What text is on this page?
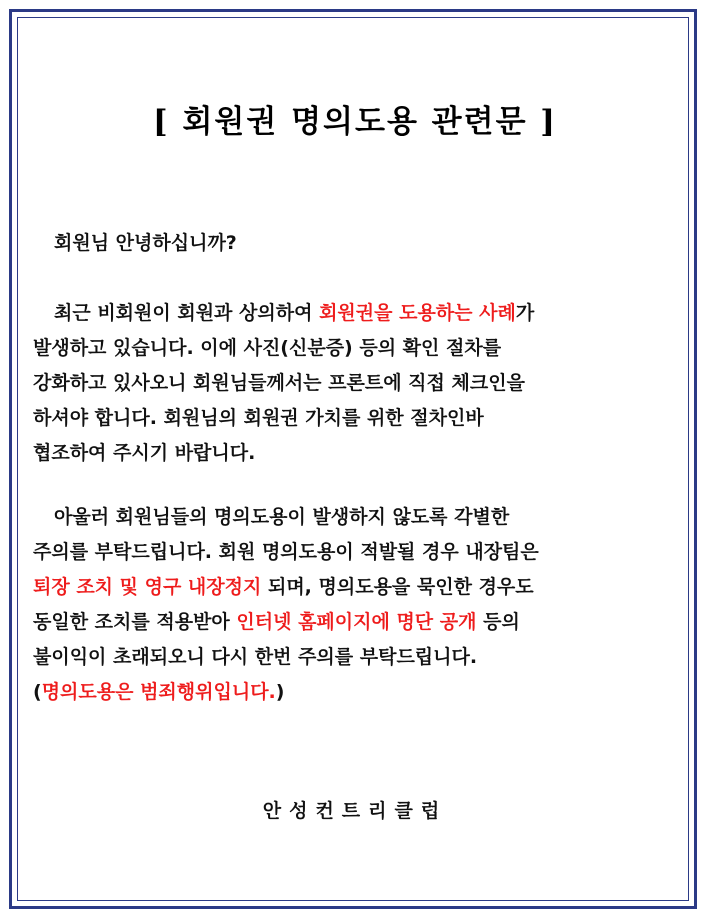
[ 회원권 명의도용 관련문 ]
회원님 안녕하십니까?
최근 비회원이 회원과 상의하여 회원권을 도용하는 사례가
발생하고 있습니다. 이에 사진(신분증) 등의 확인 절차를
강화하고 있사오니 회원님들께서는 프론트에 직접 체크인을
하셔야 합니다. 회원님의 회원권 가치를 위한 절차인바
협조하여 주시기 바랍니다.
아울러 회원님들의 명의도용이 발생하지 않도록 각별한
주의를 부탁드립니다. 회원 명의도용이 적발될 경우 내장팀은
퇴장 조치 및 영구 내장정지 되며, 명의도용을 묵인한 경우도
동일한 조치를 적용받아 인터넷 홈페이지에 명단 공개 등의
불이익이 초래되오니 다시 한번 주의를 부탁드립니다.
(명의도용은 범죄행위입니다.)
안성컨트리클럽
